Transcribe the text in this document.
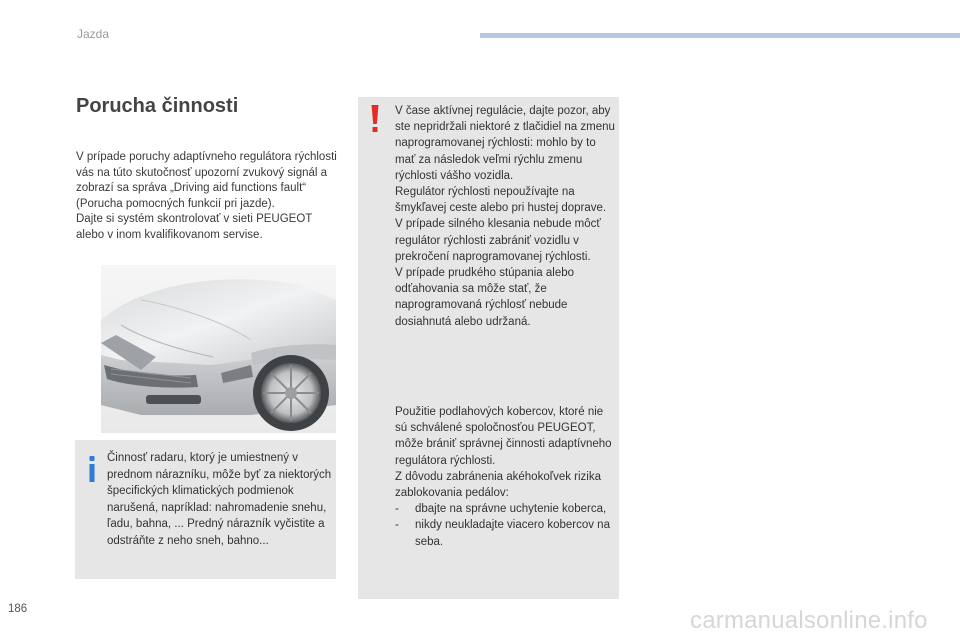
Jazda
Porucha činnosti

V prípade poruchy adaptívneho regulátora rýchlosti vás na túto skutočnosť upozorní zvukový signál a zobrazí sa správa „Driving aid functions fault“ (Porucha pomocných funkcií pri jazde).

Dajte si systém skontrolovať v sieti PEUGEOT alebo v inom kvalifikovanom servise.

Činnosť radaru, ktorý je umiestnený v prednom nárazníku, môže byť za niektorých špecifických klimatických podmienok narušená, napríklad: nahromadenie snehu, ľadu, bahna, ... Predný nárazník vyčistite a odstráňte z neho sneh, bahno...
V čase aktívnej regulácie, dajte pozor, aby ste nepridržali niektoré z tlačidiel na zmenu naprogramovanej rýchlosti: mohlo by to mať za následok veľmi rýchlu zmenu rýchlosti vášho vozidla.
Regulátor rýchlosti nepoužívajte na šmykľavej ceste alebo pri hustej doprave.
V prípade silného klesania nebude môcť regulátor rýchlosti zabrániť vozidlu v prekročení naprogramovanej rýchlosti.
V prípade prudkého stúpania alebo odťahovania sa môže stať, že naprogramovaná rýchlosť nebude dosiahnutá alebo udržaná.
Použitie podlahových kobercov, ktoré nie sú schválené spoločnosťou PEUGEOT, môže brániť správnej činnosti adaptívneho regulátora rýchlosti.
Z dôvodu zabránenia akéhokoľvek rizika zablokovania pedálov:
-	dbajte na správne uchytenie koberca,
-	nikdy neukladajte viacero kobercov na seba.
186	carmanualsonline.info
